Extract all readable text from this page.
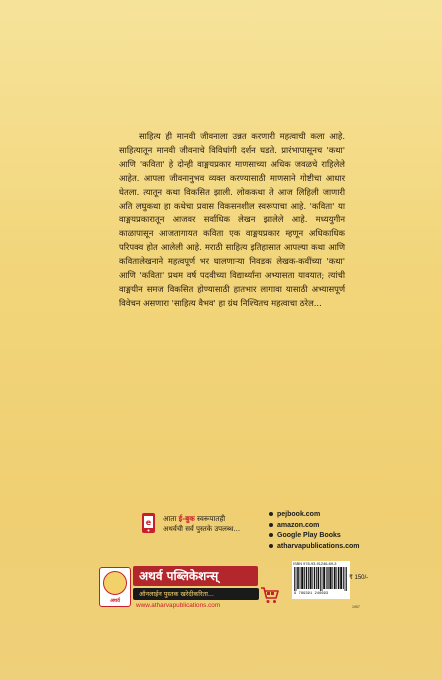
साहित्य ही मानवी जीवनाला उन्नत करणारी महत्वाची कला आहे. साहित्यातून मानवी जीवनाचे विविधांगी दर्शन घडते. प्रारंभापासूनच 'कथा' आणि 'कविता' हे दोन्ही वाङ्मयप्रकार माणसाच्या अधिक जवळचे राहिलेले आहेत. आपला जीवनानुभव व्यक्त करण्यासाठी माणसाने गोष्टीचा आधार घेतला. त्यातून कथा विकसित झाली. लोककथा ते आज लिहिली जाणारी अति लघुकथा हा कथेचा प्रवास विकसनशील स्वरूपाचा आहे. 'कविता' या वाङ्मयप्रकारातून आजवर सर्वाधिक लेखन झालेले आहे. मध्ययुगीन काळापासून आजतागायत कविता एक वाङ्मयप्रकार म्हणून अधिकाधिक परिपक्व होत आलेली आहे. मराठी साहित्य इतिहासात आपल्या कथा आणि कवितालेखनाने महत्वपूर्ण भर घालणाऱ्या निवडक लेखक-कवींच्या 'कथा' आणि 'कविता' प्रथम वर्ष पदवीच्या विद्यार्थ्यांना अभ्यासता यावयात; त्यांची वाङ्मयीन समज विकसित होण्यासाठी हातभार लागावा यासाठी अभ्यासपूर्ण विवेचन असणारा 'साहित्य वैभव' हा ग्रंथ निश्चितच महत्वाचा ठरेल...

e आता ई-बुक स्वरूपातही
अथर्वची सर्व पुस्तके उपलब्ध...
pejbook.com
amazon.com
Google Play Books
atharvapublications.com
अथर्व
अथर्व पब्लिकेशन्स्
ऑनलाईन पुस्तक खरेदीकरिता...
www.atharvapublications.com
ISBN 978-93-91246-69-3
9 789391 246693
₹ 150/-
1907
